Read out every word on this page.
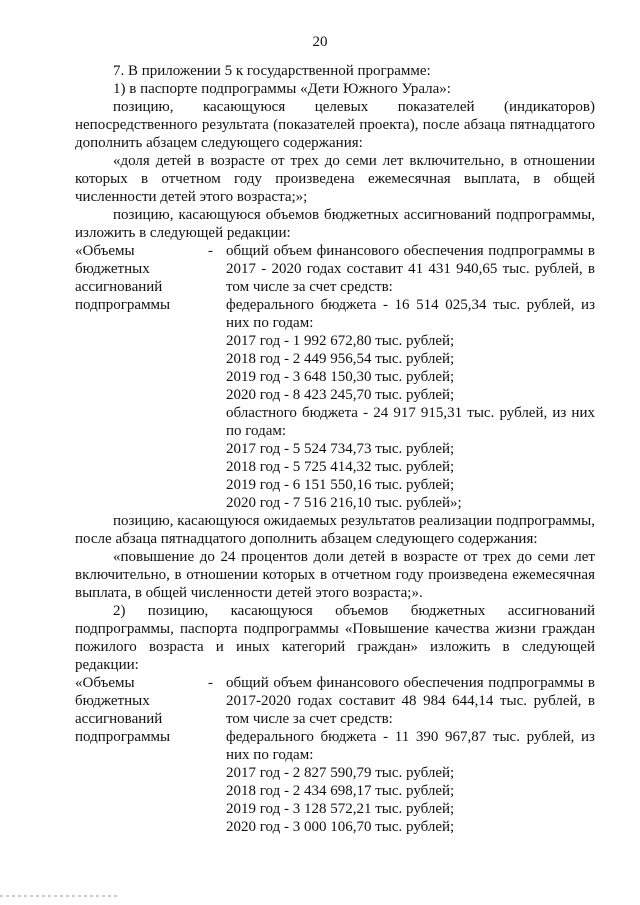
20

7. В приложении 5 к государственной программе:

1) в паспорте подпрограммы «Дети Южного Урала»:

позицию, касающуюся целевых показателей (индикаторов) непосредственного результата (показателей проекта), после абзаца пятнадцатого дополнить абзацем следующего содержания:

«доля детей в возрасте от трех до семи лет включительно, в отношении которых в отчетном году произведена ежемесячная выплата, в общей численности детей этого возраста;»;

позицию, касающуюся объемов бюджетных ассигнований подпрограммы, изложить в следующей редакции:

«Объемы бюджетных ассигнований подпрограммы
- общий объем финансового обеспечения подпрограммы в 2017 - 2020 годах составит 41 431 940,65 тыс. рублей, в том числе за счет средств:

федерального бюджета - 16 514 025,34 тыс. рублей, из них по годам:

2017 год - 1 992 672,80 тыс. рублей;

2018 год - 2 449 956,54 тыс. рублей;

2019 год - 3 648 150,30 тыс. рублей;

2020 год - 8 423 245,70 тыс. рублей;

областного бюджета - 24 917 915,31 тыс. рублей, из них по годам:

2017 год - 5 524 734,73 тыс. рублей;

2018 год - 5 725 414,32 тыс. рублей;

2019 год - 6 151 550,16 тыс. рублей;

2020 год - 7 516 216,10 тыс. рублей»;

позицию, касающуюся ожидаемых результатов реализации подпрограммы, после абзаца пятнадцатого дополнить абзацем следующего содержания:

«повышение до 24 процентов доли детей в возрасте от трех до семи лет включительно, в отношении которых в отчетном году произведена ежемесячная выплата, в общей численности детей этого возраста;».

2) позицию, касающуюся объемов бюджетных ассигнований подпрограммы, паспорта подпрограммы «Повышение качества жизни граждан пожилого возраста и иных категорий граждан» изложить в следующей редакции:

«Объемы бюджетных ассигнований подпрограммы
- общий объем финансового обеспечения подпрограммы в 2017-2020 годах составит 48 984 644,14 тыс. рублей, в том числе за счет средств:

федерального бюджета - 11 390 967,87 тыс. рублей, из них по годам:

2017 год - 2 827 590,79 тыс. рублей;

2018 год - 2 434 698,17 тыс. рублей;

2019 год - 3 128 572,21 тыс. рублей;

2020 год - 3 000 106,70 тыс. рублей;
